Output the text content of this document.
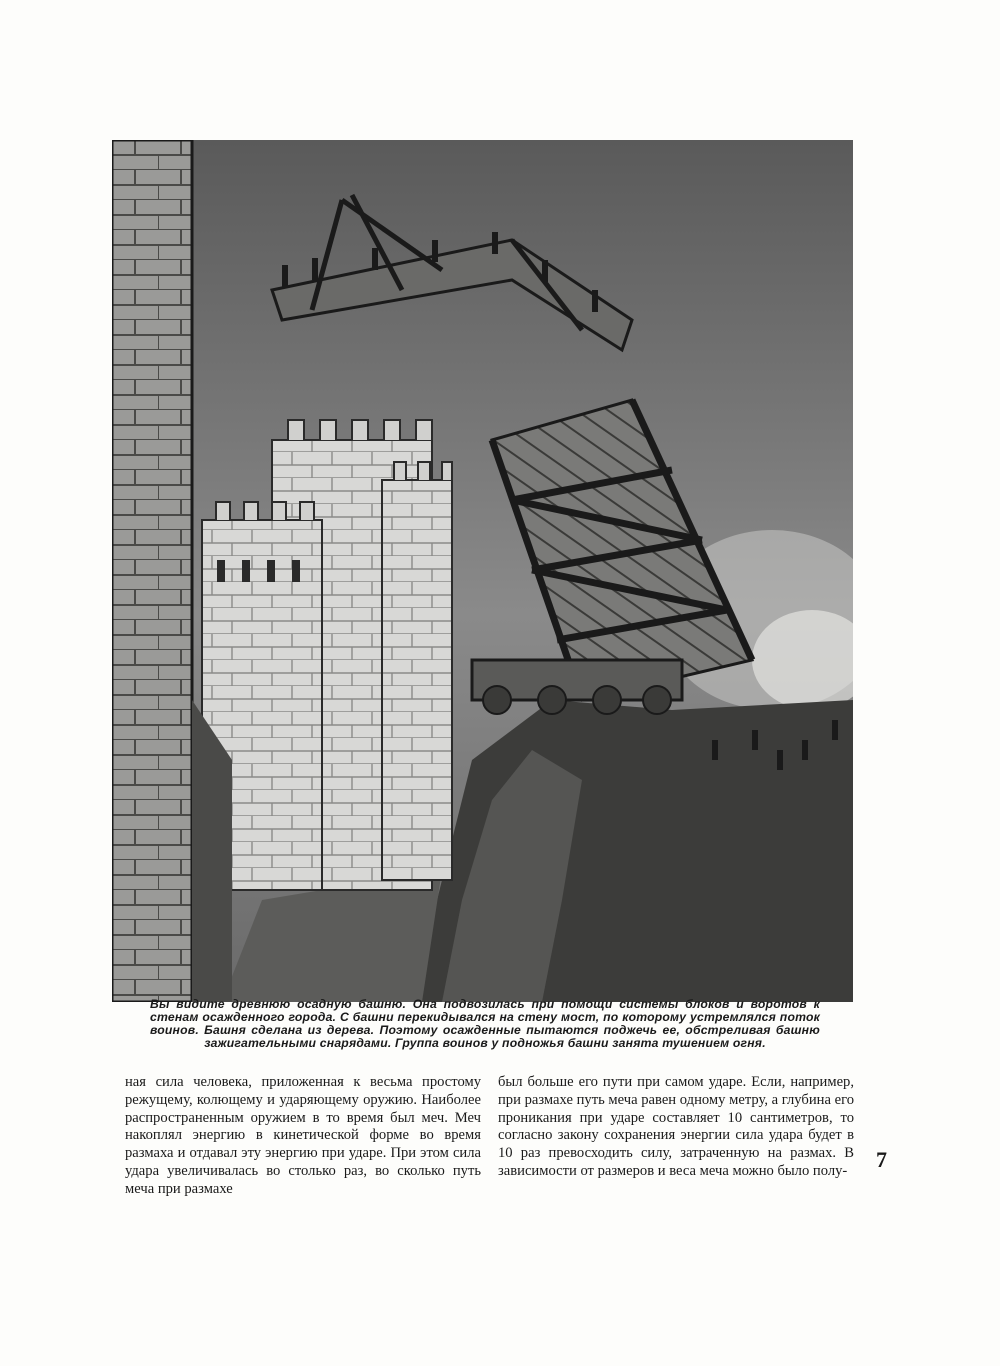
Вы видите древнюю осадную башню. Она подвозилась при помощи системы блоков и воротов к стенам осажденного города. С башни перекидывался на стену мост, по которому устремлялся поток воинов. Башня сделана из дерева. Поэтому осажденные пытаются поджечь ее, обстреливая башню зажигательными снарядами. Группа воинов у подножья башни занята тушением огня.
ная сила человека, приложенная к весьма простому режущему, колющему и ударяющему оружию. Наиболее распространенным оружием в то время был меч. Меч накоплял энергию в кинетической форме во время размаха и отдавал эту энергию при ударе. При этом сила удара увеличивалась во столько раз, во сколько путь меча при размахе
был больше его пути при самом ударе. Если, например, при размахе путь меча равен одному метру, а глубина его проникания при ударе составляет 10 сантиметров, то согласно закону сохранения энергии сила удара будет в 10 раз превосходить силу, затраченную на размах. В зависимости от размеров и веса меча можно было полу-	7
